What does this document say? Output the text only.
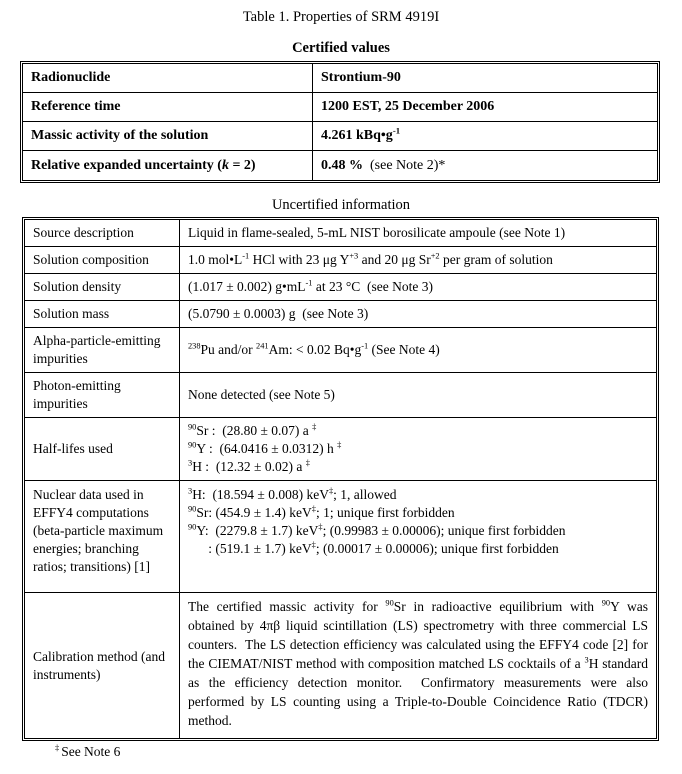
Table 1. Properties of SRM 4919I
Certified values
Radionuclide	Strontium-90
Reference time	1200 EST, 25 December 2006
Massic activity of the solution	4.261 $kBq•g^{-1}$
Relative expanded uncertainty (k = 2)	0.48 % (see Note 2)*
Uncertified information
Source description	Liquid in flame-sealed, 5-mL NIST borosilicate ampoule (see Note 1)
Solution composition	1.0 $mol•L^{-1}$ HCl with 23 μg $Y^{+3}$ and 20 μg $Sr^{+2}$ per gram of solution
Solution density	(1.017 ± 0.002) $g•mL^{-1}$ at 23 °C  (see Note 3)
Solution mass	(5.0790 ± 0.0003) g  (see Note 3)
Alpha-particle-emitting impurities	$^{238}$Pu and/or $^{241}$Am: < 0.02 $Bq•g^{-1}$ (See Note 4)
Photon-emitting impurities	None detected (see Note 5)
Half-lifes used	$^{90}$Sr :  (28.80 ± 0.07) a ‡
$^{90}$Y :  (64.0416 ± 0.0312) h ‡
$^3$H :  (12.32 ± 0.02) a ‡

Nuclear data used in EFFY4 computations (beta-particle maximum energies; branching ratios; transitions) [1]	$^3$H:  (18.594 ± 0.008) keV‡; 1, allowed
$^{90}$Sr: (454.9 ± 1.4) keV‡; 1; unique first forbidden
$^{90}$Y:  (2279.8 ± 1.7) keV‡; (0.99983 ± 0.00006); unique first forbidden
: (519.1 ± 1.7) keV‡; (0.00017 ± 0.00006); unique first forbidden

Calibration method (and instruments)	The certified massic activity for $^{90}$Sr in radioactive equilibrium with $^{90}$Y was obtained by 4πβ liquid scintillation (LS) spectrometry with three commercial LS counters.  The LS detection efficiency was calculated using the EFFY4 code [2] for the CIEMAT/NIST method with composition matched LS cocktails of a $^3$H standard as the efficiency detection monitor.  Confirmatory measurements were also performed by LS counting using a Triple-to-Double Coincidence Ratio (TDCR) method.
‡ See Note 6
